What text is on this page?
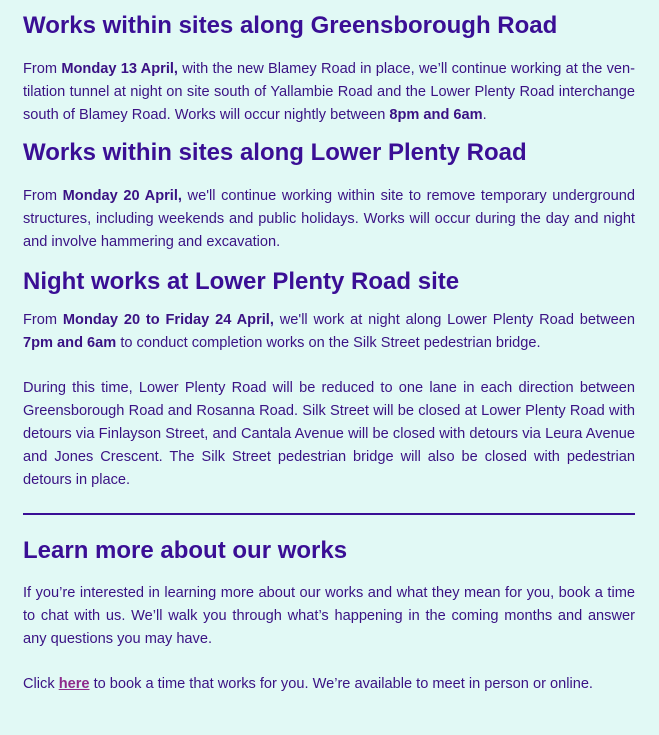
Works within sites along Greensborough Road

From Monday 13 April, with the new Blamey Road in place, we’ll continue working at the ven-tilation tunnel at night on site south of Yallambie Road and the Lower Plenty Road interchange south of Blamey Road. Works will occur nightly between 8pm and 6am.

Works within sites along Lower Plenty Road

From Monday 20 April, we'll continue working within site to remove temporary underground structures, including weekends and public holidays. Works will occur during the day and night and involve hammering and excavation.

Night works at Lower Plenty Road site

From Monday 20 to Friday 24 April, we'll work at night along Lower Plenty Road between 7pm and 6am to conduct completion works on the Silk Street pedestrian bridge.

During this time, Lower Plenty Road will be reduced to one lane in each direction between Greensborough Road and Rosanna Road. Silk Street will be closed at Lower Plenty Road with detours via Finlayson Street, and Cantala Avenue will be closed with detours via Leura Avenue and Jones Crescent. The Silk Street pedestrian bridge will also be closed with pedestrian detours in place.

Learn more about our works

If you’re interested in learning more about our works and what they mean for you, book a time to chat with us. We’ll walk you through what’s happening in the coming months and answer any questions you may have.

Click here to book a time that works for you. We’re available to meet in person or online.
